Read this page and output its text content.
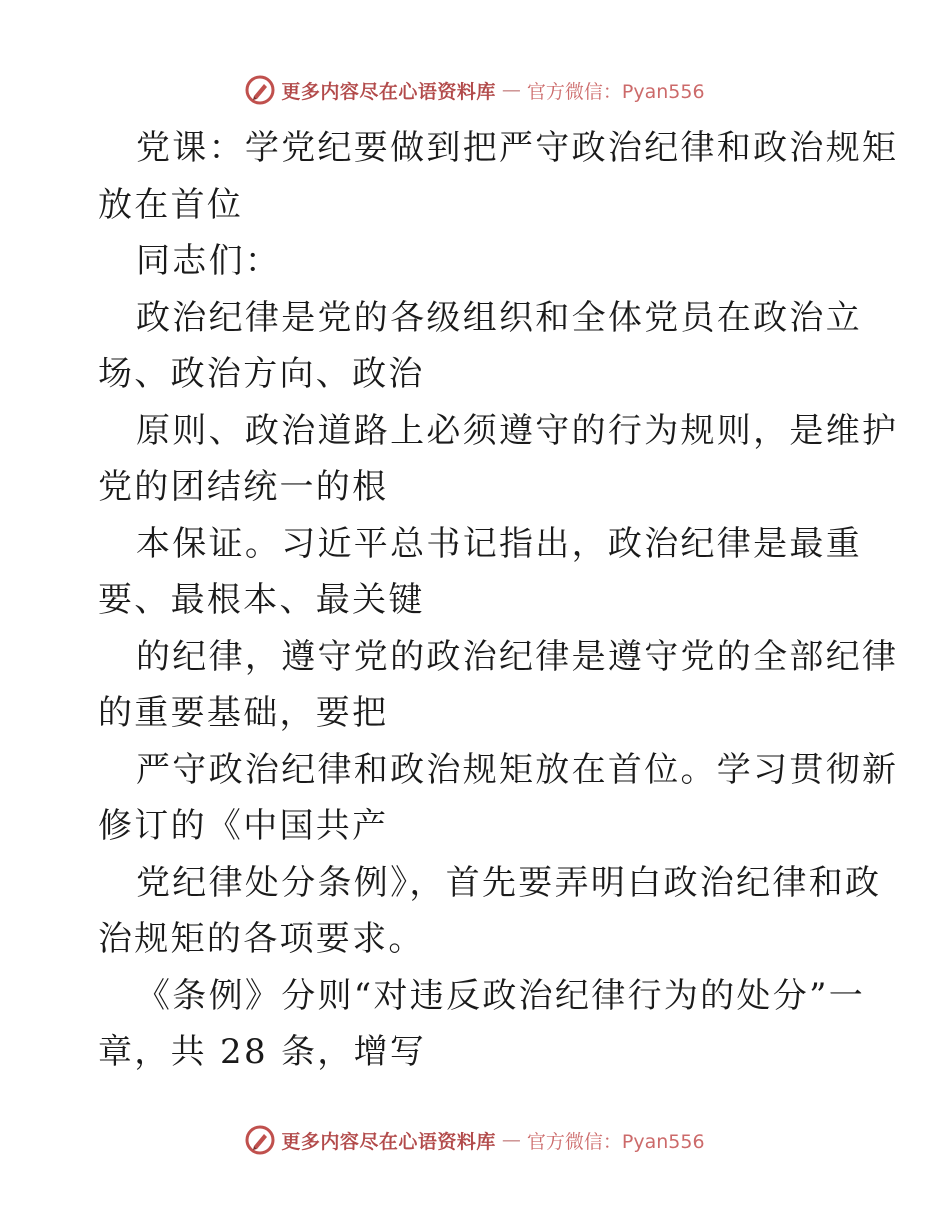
更多内容尽在心语资料库 — 官方微信：Pyan556
党课：学党纪要做到把严守政治纪律和政治规矩
放在首位
同志们：
政治纪律是党的各级组织和全体党员在政治立
场、政治方向、政治
原则、政治道路上必须遵守的行为规则，是维护
党的团结统一的根
本保证。习近平总书记指出，政治纪律是最重
要、最根本、最关键
的纪律，遵守党的政治纪律是遵守党的全部纪律
的重要基础，要把
严守政治纪律和政治规矩放在首位。学习贯彻新
修订的《中国共产
党纪律处分条例》，首先要弄明白政治纪律和政
治规矩的各项要求。
《条例》分则“对违反政治纪律行为的处分”一
章，共 28 条，增写
更多内容尽在心语资料库 — 官方微信：Pyan556
